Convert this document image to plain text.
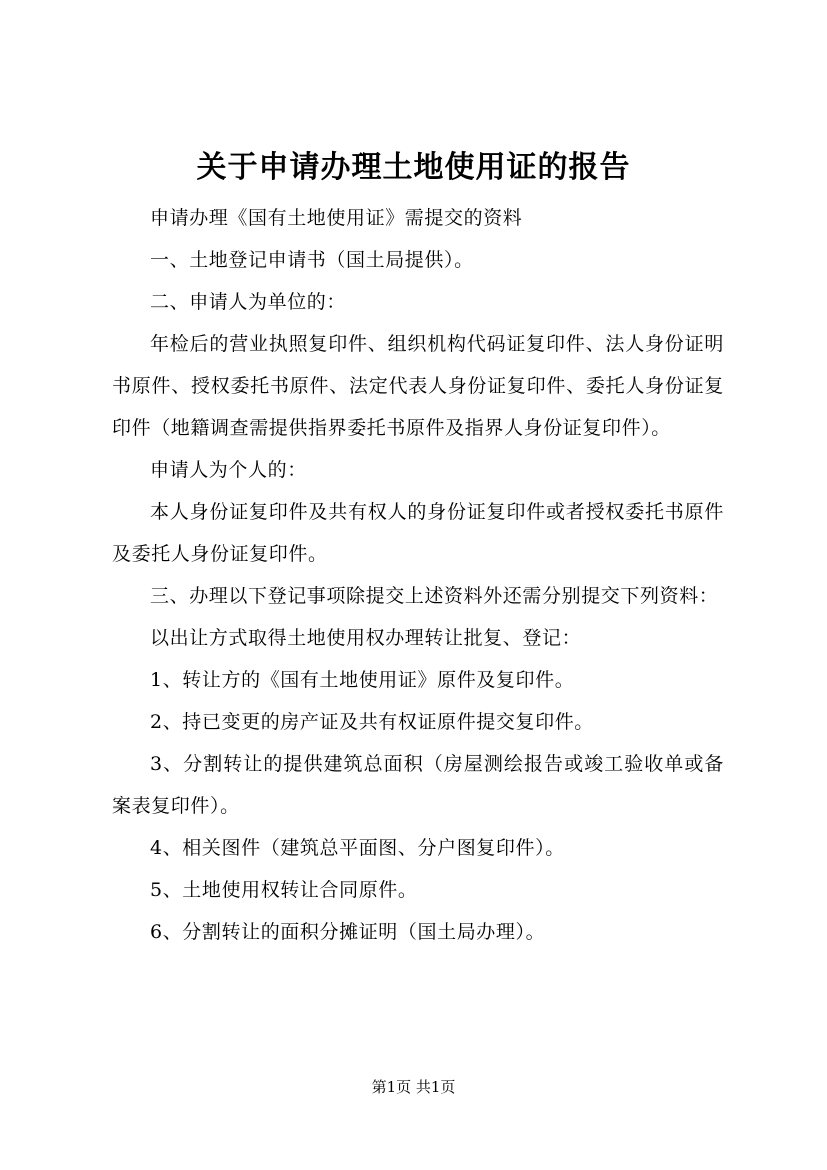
关于申请办理土地使用证的报告

申请办理《国有土地使用证》需提交的资料

一、土地登记申请书（国土局提供）。

二、申请人为单位的：

年检后的营业执照复印件、组织机构代码证复印件、法人身份证明书原件、授权委托书原件、法定代表人身份证复印件、委托人身份证复印件（地籍调查需提供指界委托书原件及指界人身份证复印件）。

申请人为个人的：

本人身份证复印件及共有权人的身份证复印件或者授权委托书原件及委托人身份证复印件。

三、办理以下登记事项除提交上述资料外还需分别提交下列资料：

以出让方式取得土地使用权办理转让批复、登记：

1、转让方的《国有土地使用证》原件及复印件。

2、持已变更的房产证及共有权证原件提交复印件。

3、分割转让的提供建筑总面积（房屋测绘报告或竣工验收单或备案表复印件）。

4、相关图件（建筑总平面图、分户图复印件）。

5、土地使用权转让合同原件。

6、分割转让的面积分摊证明（国土局办理）。

第1页 共1页
